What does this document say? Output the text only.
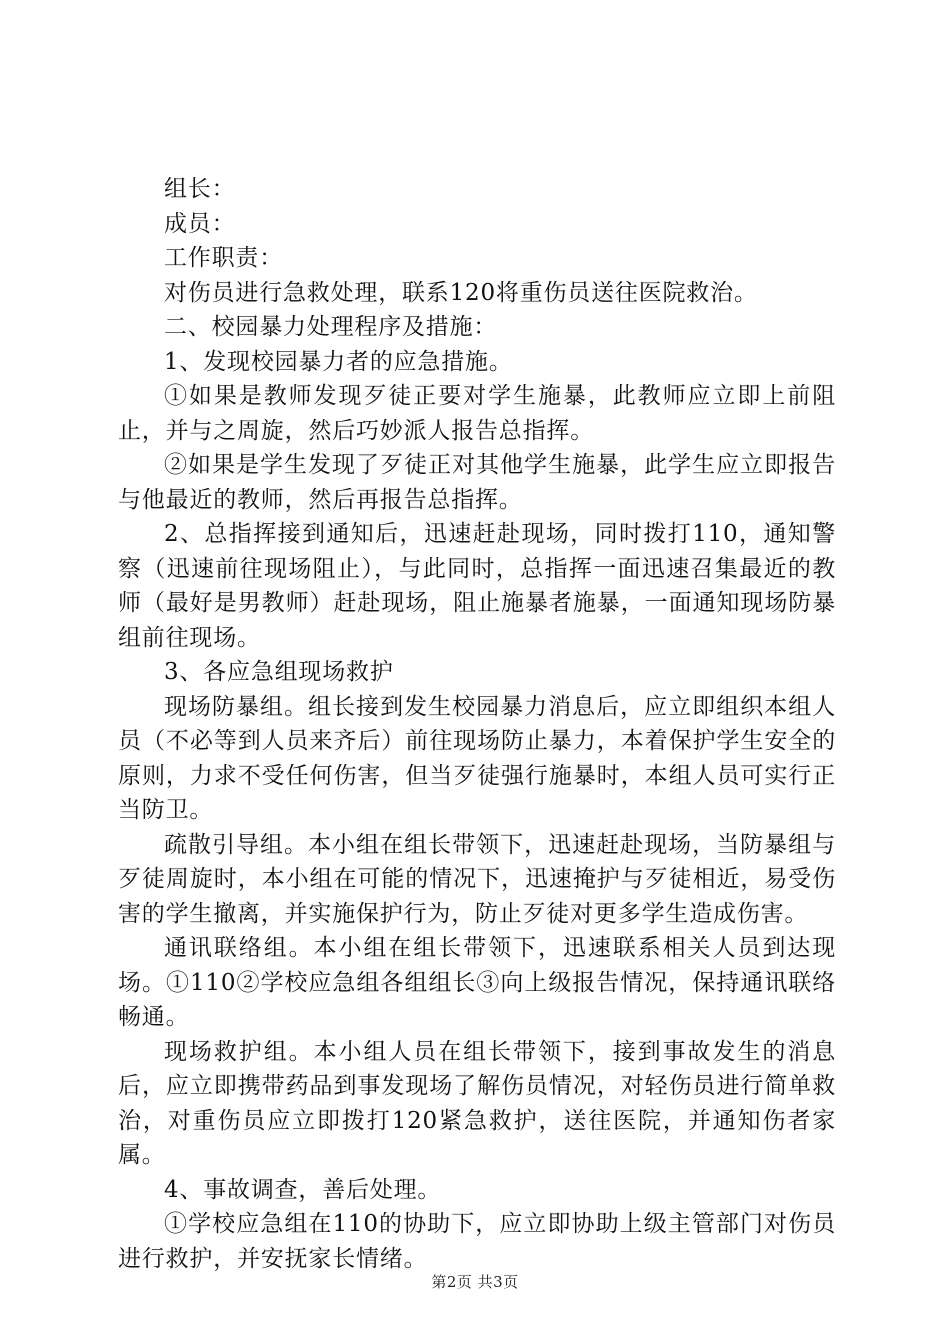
组长：

成员：

工作职责：

对伤员进行急救处理，联系120将重伤员送往医院救治。

二、校园暴力处理程序及措施：

1、发现校园暴力者的应急措施。

①如果是教师发现歹徒正要对学生施暴，此教师应立即上前阻止，并与之周旋，然后巧妙派人报告总指挥。

②如果是学生发现了歹徒正对其他学生施暴，此学生应立即报告与他最近的教师，然后再报告总指挥。

2、总指挥接到通知后，迅速赶赴现场，同时拨打110，通知警察（迅速前往现场阻止），与此同时，总指挥一面迅速召集最近的教师（最好是男教师）赶赴现场，阻止施暴者施暴，一面通知现场防暴组前往现场。

3、各应急组现场救护

现场防暴组。组长接到发生校园暴力消息后，应立即组织本组人员（不必等到人员来齐后）前往现场防止暴力，本着保护学生安全的原则，力求不受任何伤害，但当歹徒强行施暴时，本组人员可实行正当防卫。

疏散引导组。本小组在组长带领下，迅速赶赴现场，当防暴组与歹徒周旋时，本小组在可能的情况下，迅速掩护与歹徒相近，易受伤害的学生撤离，并实施保护行为，防止歹徒对更多学生造成伤害。

通讯联络组。本小组在组长带领下，迅速联系相关人员到达现场。①110②学校应急组各组组长③向上级报告情况，保持通讯联络畅通。

现场救护组。本小组人员在组长带领下，接到事故发生的消息后，应立即携带药品到事发现场了解伤员情况，对轻伤员进行简单救治，对重伤员应立即拨打120紧急救护，送往医院，并通知伤者家属。

4、事故调查，善后处理。

①学校应急组在110的协助下，应立即协助上级主管部门对伤员进行救护，并安抚家长情绪。

第2页 共3页
